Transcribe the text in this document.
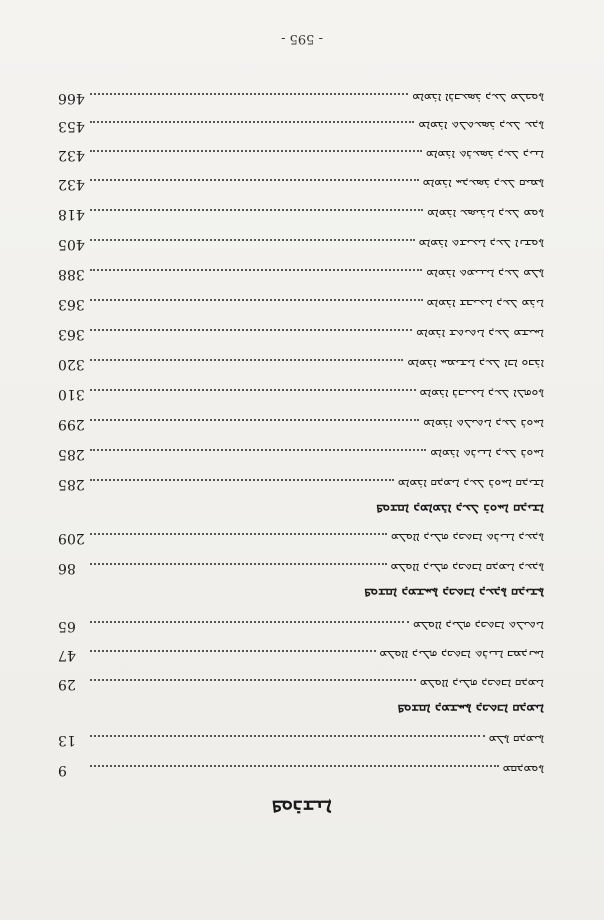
- 595 -
ܦܘܪܫܢܐ
ܡܩܕܡܘܬܐ
9
ܡܠܬܐ ܩܕܡܝܬܐ
13
ܦܘܫܩܐ ܕܡܫܚܬܐ ܕܟܬܒܐ ܩܕܡܝܐ
ܡܠܘܐܐ ܕܝܠܗ ܕܟܬܒܐ ܩܕܡܝܐ
29
ܡܠܘܐܐ ܕܝܠܗ ܕܟܬܒܐ ܬܪܝܢܐ ܒܡܕܢܚܐ
47
ܡܠܘܐܐ ܕܝܠܗ ܕܟܬܒܐ ܬܠܝܬܝܐ
65
ܦܘܫܩܐ ܕܡܫܚܬܐ ܕܟܬܒܐ ܕܥܕܬܐ ܩܕܝܫܬܐ
ܡܠܘܐܐ ܕܝܠܗ ܕܟܬܒܐ ܩܕܡܝܐ ܕܥܕܬܐ
86
ܡܠܘܐܐ ܕܝܠܗ ܕܟܬܒܐ ܬܪܝܢܐ ܕܥܕܬܐ
209
ܦܘܫܩܐ ܕܡܐܡܪܐ ܕܥܠ ܪܘܚܐ ܩܕܝܫܐ
ܡܐܡܪܐ ܩܕܡܝܐ ܕܥܠ ܪܘܚܐ ܩܕܝܫܐ
285
ܡܐܡܪܐ ܬܪܝܢܐ ܕܥܠ ܪܘܚܐ
285
ܡܐܡܪܐ ܬܠܝܬܝܐ ܕܥܠ ܪܘܚܐ
299
ܡܐܡܪܐ ܪܒܝܥܝܐ ܕܥܠ ܐܠܗܘܬܐ
310
ܡܐܡܪܐ ܚܡܝܫܝܐ ܕܥܠ ܐܒܐ ܘܒܪܐ
320
ܡܐܡܪܐ ܫܬܝܬܝܐ ܕܥܠ ܡܫܝܚܐ
363
ܡܐܡܪܐ ܫܒܝܥܝܐ ܕܥܠ ܡܪܝܐ
363
ܡܐܡܪܐ ܬܡܝܢܝܐ ܕܥܠ ܡܠܬܐ
388
ܡܐܡܪܐ ܬܫܝܥܝܐ ܕܥܠ ܐܢܫܘܬܐ
405
ܡܐܡܪܐ ܥܣܝܪܝܐ ܕܥܠ ܡܘܬܐ
418
ܡܐܡܪܐ ܚܕܥܣܪ ܕܥܠ ܩܝܡܬܐ
432
ܡܐܡܪܐ ܬܪܥܣܪ ܕܥܠ ܕܝܢܐ
432
ܡܐܡܪܐ ܬܠܬܥܣܪ ܕܥܠ ܥܕܬܐ
453
ܡܐܡܪܐ ܐܪܒܥܣܪ ܕܥܠ ܡܠܟܘܬܐ
466
